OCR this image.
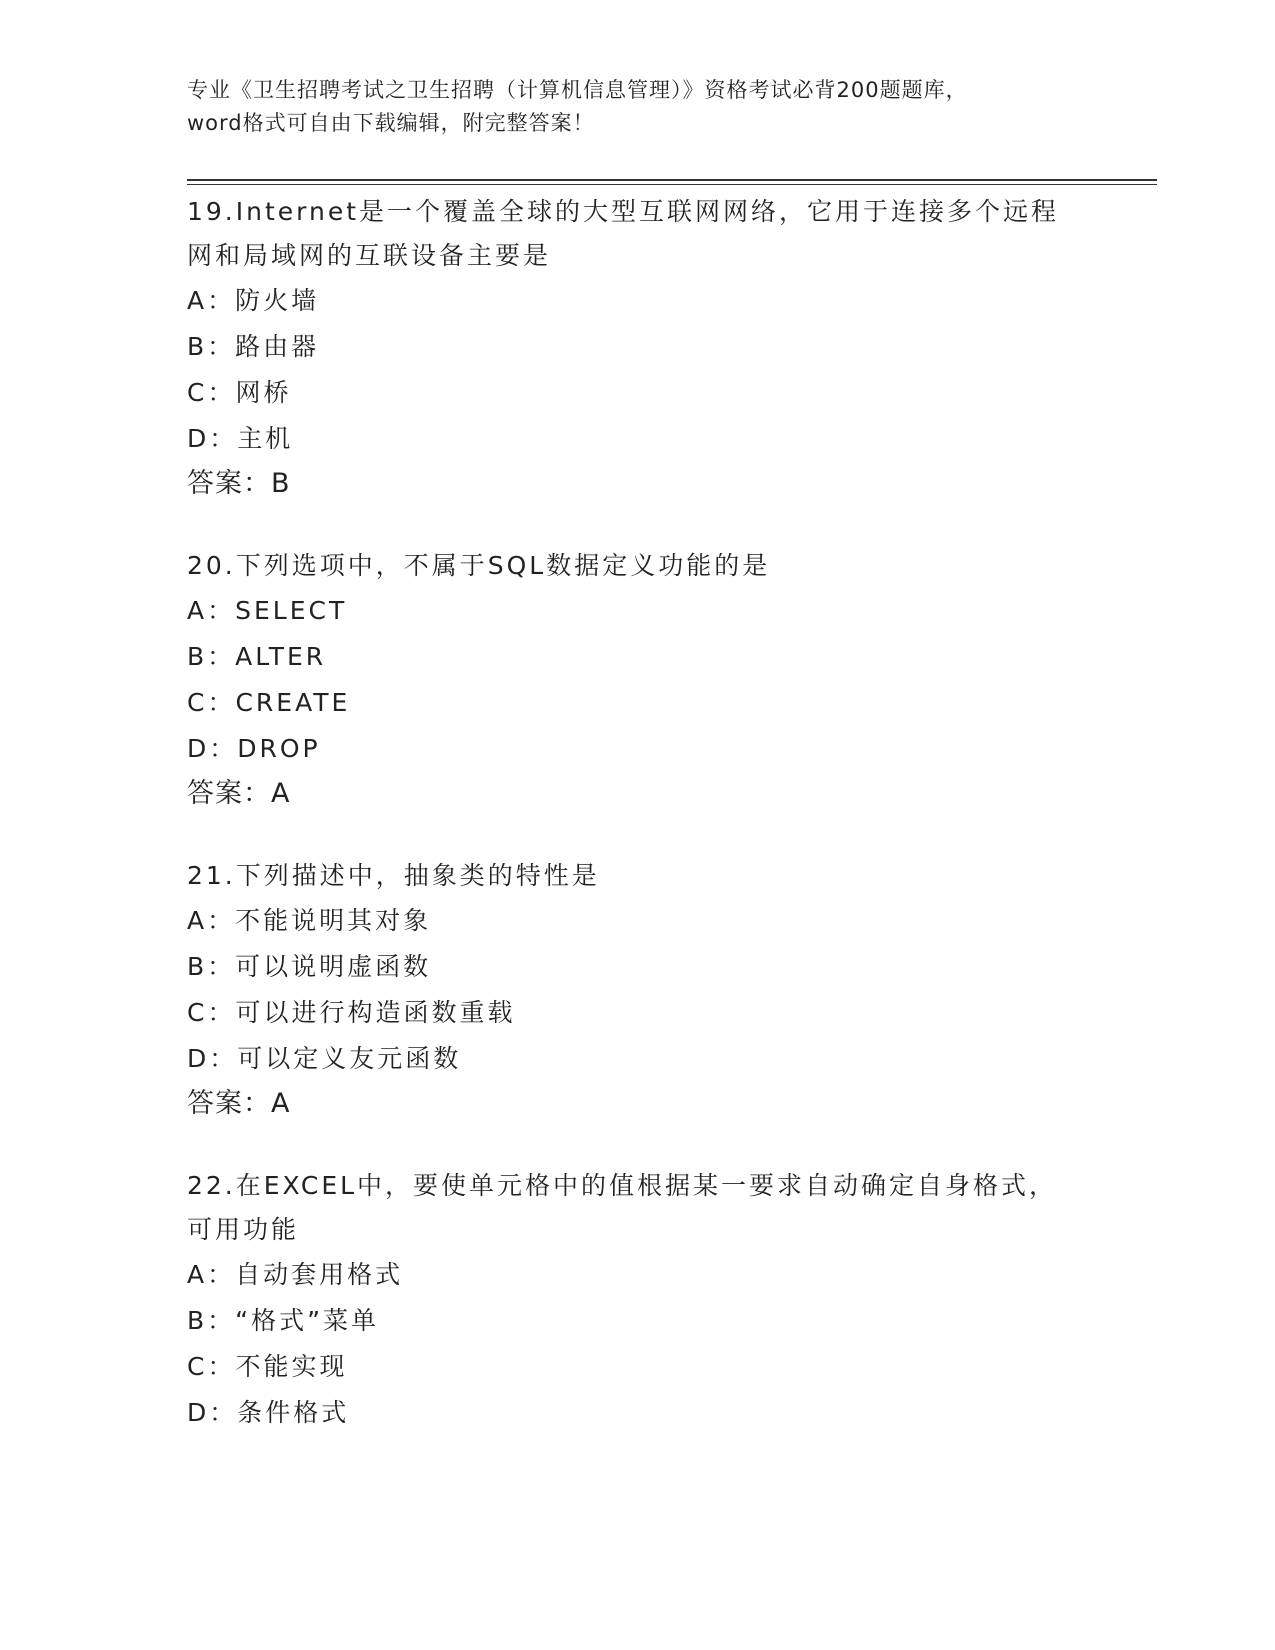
专业《卫生招聘考试之卫生招聘（计算机信息管理）》资格考试必背200题题库，
word格式可自由下载编辑，附完整答案！
19.Internet是一个覆盖全球的大型互联网网络，它用于连接多个远程
网和局域网的互联设备主要是
A：防火墙
B：路由器
C：网桥
D：主机
答案：B
20.下列选项中，不属于SQL数据定义功能的是
A：SELECT
B：ALTER
C：CREATE
D：DROP
答案：A
21.下列描述中，抽象类的特性是
A：不能说明其对象
B：可以说明虚函数
C：可以进行构造函数重载
D：可以定义友元函数
答案：A
22.在EXCEL中，要使单元格中的值根据某一要求自动确定自身格式，
可用功能
A：自动套用格式
B：“格式”菜单
C：不能实现
D：条件格式
